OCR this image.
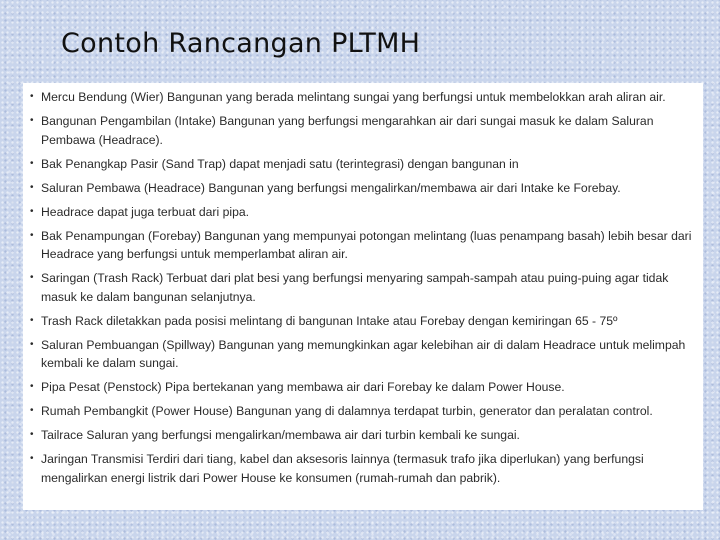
Contoh Rancangan PLTMH
• Mercu Bendung (Wier) Bangunan yang berada melintang sungai yang berfungsi untuk membelokkan arah aliran air.
• Bangunan Pengambilan (Intake) Bangunan yang berfungsi mengarahkan air dari sungai masuk ke dalam Saluran Pembawa (Headrace).
• Bak Penangkap Pasir (Sand Trap) dapat menjadi satu (terintegrasi) dengan bangunan in
• Saluran Pembawa (Headrace) Bangunan yang berfungsi mengalirkan/membawa air dari Intake ke Forebay.
• Headrace dapat juga terbuat dari pipa.
• Bak Penampungan (Forebay) Bangunan yang mempunyai potongan melintang (luas penampang basah) lebih besar dari Headrace yang berfungsi untuk memperlambat aliran air.
• Saringan (Trash Rack) Terbuat dari plat besi yang berfungsi menyaring sampah-sampah atau puing-puing agar tidak masuk ke dalam bangunan selanjutnya.
• Trash Rack diletakkan pada posisi melintang di bangunan Intake atau Forebay dengan kemiringan 65 - 75º
• Saluran Pembuangan (Spillway) Bangunan yang memungkinkan agar kelebihan air di dalam Headrace untuk melimpah kembali ke dalam sungai.
• Pipa Pesat (Penstock) Pipa bertekanan yang membawa air dari Forebay ke dalam Power House.
• Rumah Pembangkit (Power House) Bangunan yang di dalamnya terdapat turbin, generator dan peralatan control.
• Tailrace Saluran yang berfungsi mengalirkan/membawa air dari turbin kembali ke sungai.
• Jaringan Transmisi Terdiri dari tiang, kabel dan aksesoris lainnya (termasuk trafo jika diperlukan) yang berfungsi mengalirkan energi listrik dari Power House ke konsumen (rumah-rumah dan pabrik).
